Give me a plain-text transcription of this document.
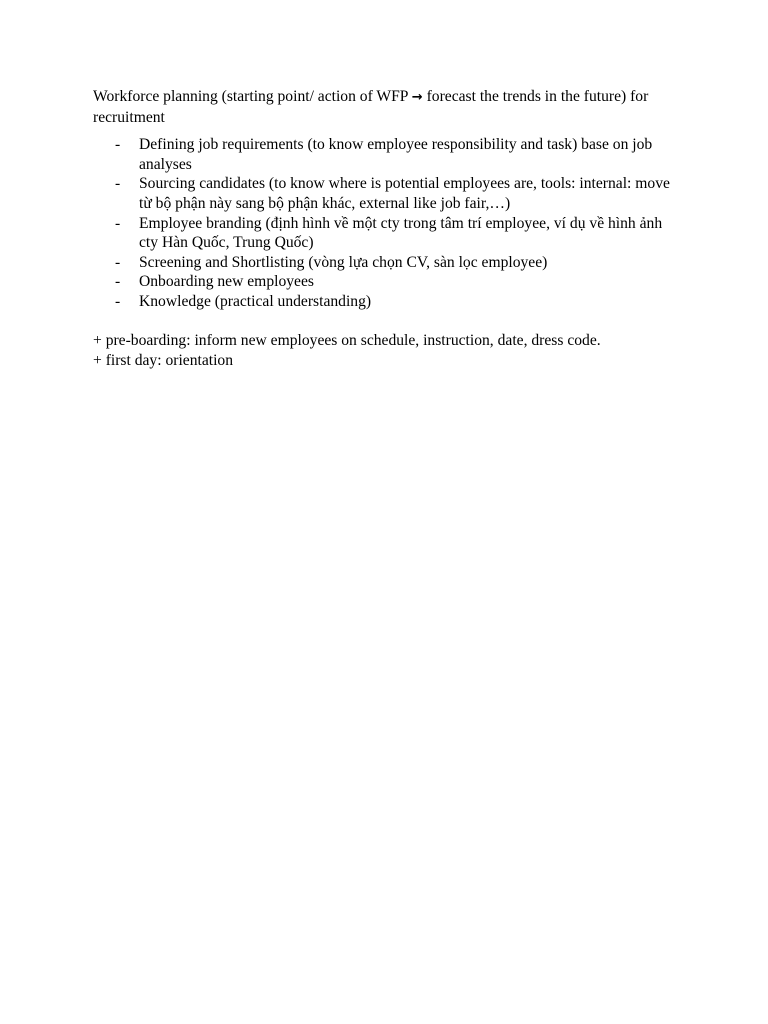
Workforce planning (starting point/ action of WFP → forecast the trends in the future) for recruitment

- Defining job requirements (to know employee responsibility and task) base on job analyses
- Sourcing candidates (to know where is potential employees are, tools: internal: move từ bộ phận này sang bộ phận khác, external like job fair,…)
- Employee branding (định hình về một cty trong tâm trí employee, ví dụ về hình ảnh cty Hàn Quốc, Trung Quốc)
- Screening and Shortlisting (vòng lựa chọn CV, sàn lọc employee)
- Onboarding new employees
- Knowledge (practical understanding)

+ pre-boarding: inform new employees on schedule, instruction, date, dress code.

+ first day: orientation
